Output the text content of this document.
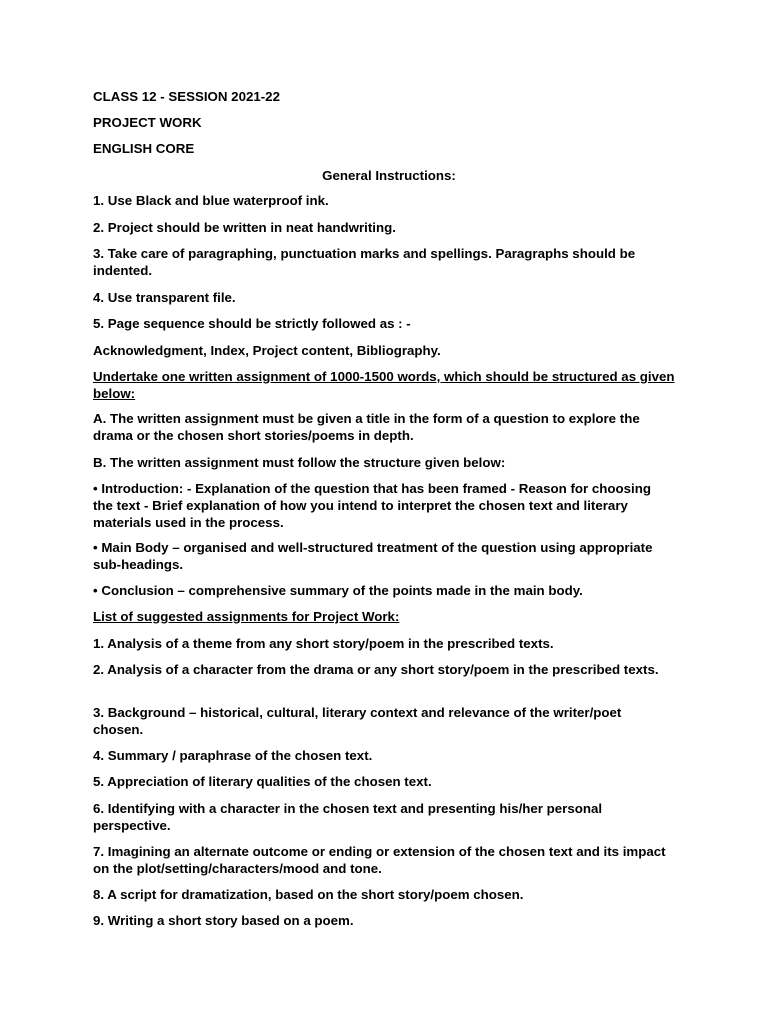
CLASS 12 - SESSION 2021-22

PROJECT WORK

ENGLISH CORE

General Instructions:

1. Use Black and blue waterproof ink.

2. Project should be written in neat handwriting.

3. Take care of paragraphing, punctuation marks and spellings. Paragraphs should be indented.

4. Use transparent file.

5. Page sequence should be strictly followed as : -

Acknowledgment, Index, Project content, Bibliography.

Undertake one written assignment of 1000-1500 words, which should be structured as given below:

A. The written assignment must be given a title in the form of a question to explore the drama or the chosen short stories/poems in depth.

B. The written assignment must follow the structure given below:

• Introduction: - Explanation of the question that has been framed - Reason for choosing the text - Brief explanation of how you intend to interpret the chosen text and literary materials used in the process.

• Main Body – organised and well-structured treatment of the question using appropriate sub-headings.

• Conclusion – comprehensive summary of the points made in the main body.

List of suggested assignments for Project Work:

1. Analysis of a theme from any short story/poem in the prescribed texts.

2. Analysis of a character from the drama or any short story/poem in the prescribed texts.

3. Background – historical, cultural, literary context and relevance of the writer/poet chosen.

4. Summary / paraphrase of the chosen text.

5. Appreciation of literary qualities of the chosen text.

6. Identifying with a character in the chosen text and presenting his/her personal perspective.

7. Imagining an alternate outcome or ending or extension of the chosen text and its impact on the plot/setting/characters/mood and tone.

8. A script for dramatization, based on the short story/poem chosen.

9. Writing a short story based on a poem.
